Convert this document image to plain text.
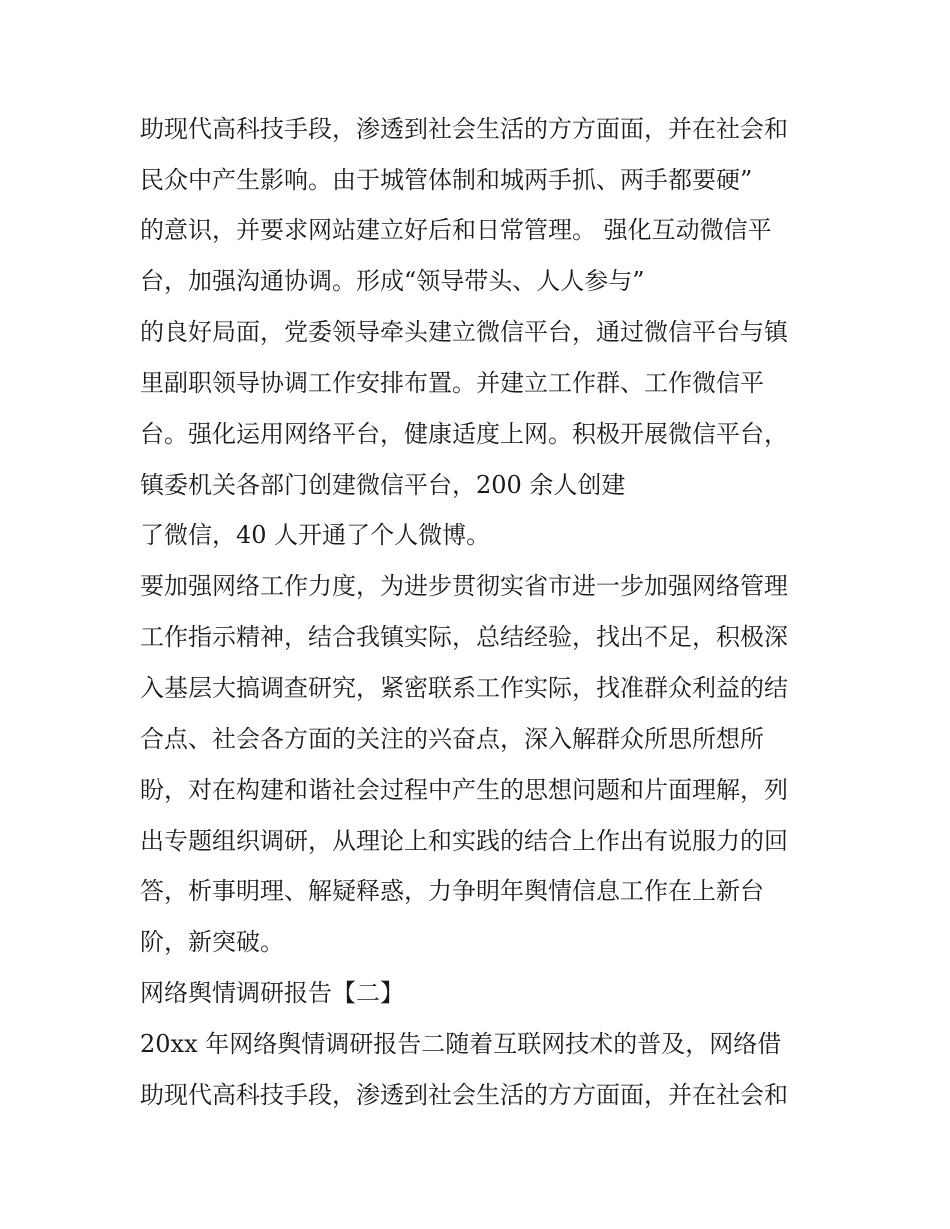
助现代高科技手段，渗透到社会生活的方方面面，并在社会和

民众中产生影响。由于城管体制和城两手抓、两手都要硬”

的意识，并要求网站建立好后和日常管理。 强化互动微信平

台，加强沟通协调。形成“领导带头、人人参与”

的良好局面，党委领导牵头建立微信平台，通过微信平台与镇

里副职领导协调工作安排布置。并建立工作群、工作微信平

台。强化运用网络平台，健康适度上网。积极开展微信平台，

镇委机关各部门创建微信平台，200 余人创建

了微信，40 人开通了个人微博。

要加强网络工作力度，为进步贯彻实省市进一步加强网络管理

工作指示精神，结合我镇实际，总结经验，找出不足，积极深

入基层大搞调查研究，紧密联系工作实际，找准群众利益的结

合点、社会各方面的关注的兴奋点，深入解群众所思所想所

盼，对在构建和谐社会过程中产生的思想问题和片面理解，列

出专题组织调研，从理论上和实践的结合上作出有说服力的回

答，析事明理、解疑释惑，力争明年舆情信息工作在上新台

阶，新突破。

网络舆情调研报告【二】

20xx 年网络舆情调研报告二随着互联网技术的普及，网络借

助现代高科技手段，渗透到社会生活的方方面面，并在社会和
